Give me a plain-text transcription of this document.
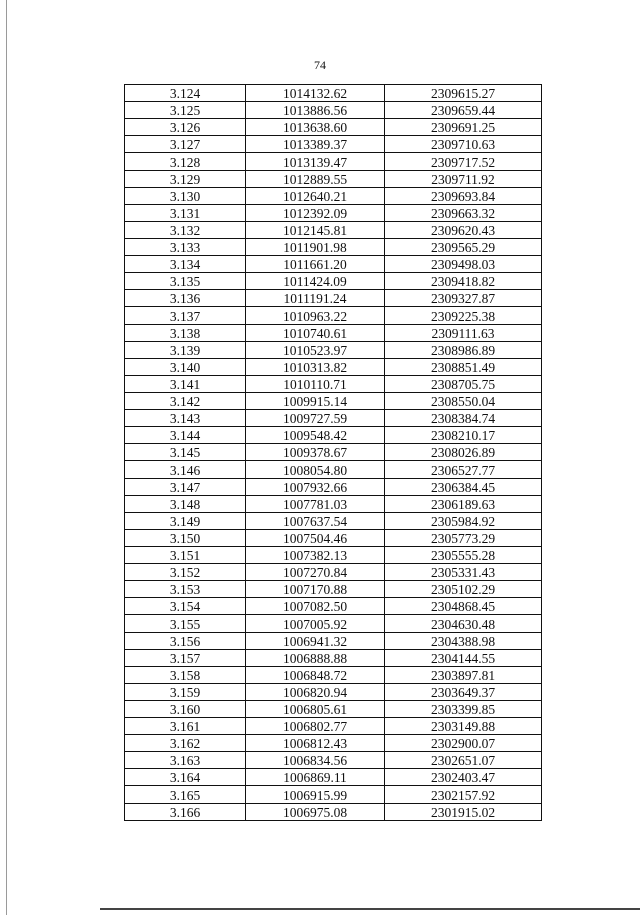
74
3.124	1014132.62	2309615.27
3.125	1013886.56	2309659.44
3.126	1013638.60	2309691.25
3.127	1013389.37	2309710.63
3.128	1013139.47	2309717.52
3.129	1012889.55	2309711.92
3.130	1012640.21	2309693.84
3.131	1012392.09	2309663.32
3.132	1012145.81	2309620.43
3.133	1011901.98	2309565.29
3.134	1011661.20	2309498.03
3.135	1011424.09	2309418.82
3.136	1011191.24	2309327.87
3.137	1010963.22	2309225.38
3.138	1010740.61	2309111.63
3.139	1010523.97	2308986.89
3.140	1010313.82	2308851.49
3.141	1010110.71	2308705.75
3.142	1009915.14	2308550.04
3.143	1009727.59	2308384.74
3.144	1009548.42	2308210.17
3.145	1009378.67	2308026.89
3.146	1008054.80	2306527.77
3.147	1007932.66	2306384.45
3.148	1007781.03	2306189.63
3.149	1007637.54	2305984.92
3.150	1007504.46	2305773.29
3.151	1007382.13	2305555.28
3.152	1007270.84	2305331.43
3.153	1007170.88	2305102.29
3.154	1007082.50	2304868.45
3.155	1007005.92	2304630.48
3.156	1006941.32	2304388.98
3.157	1006888.88	2304144.55
3.158	1006848.72	2303897.81
3.159	1006820.94	2303649.37
3.160	1006805.61	2303399.85
3.161	1006802.77	2303149.88
3.162	1006812.43	2302900.07
3.163	1006834.56	2302651.07
3.164	1006869.11	2302403.47
3.165	1006915.99	2302157.92
3.166	1006975.08	2301915.02
